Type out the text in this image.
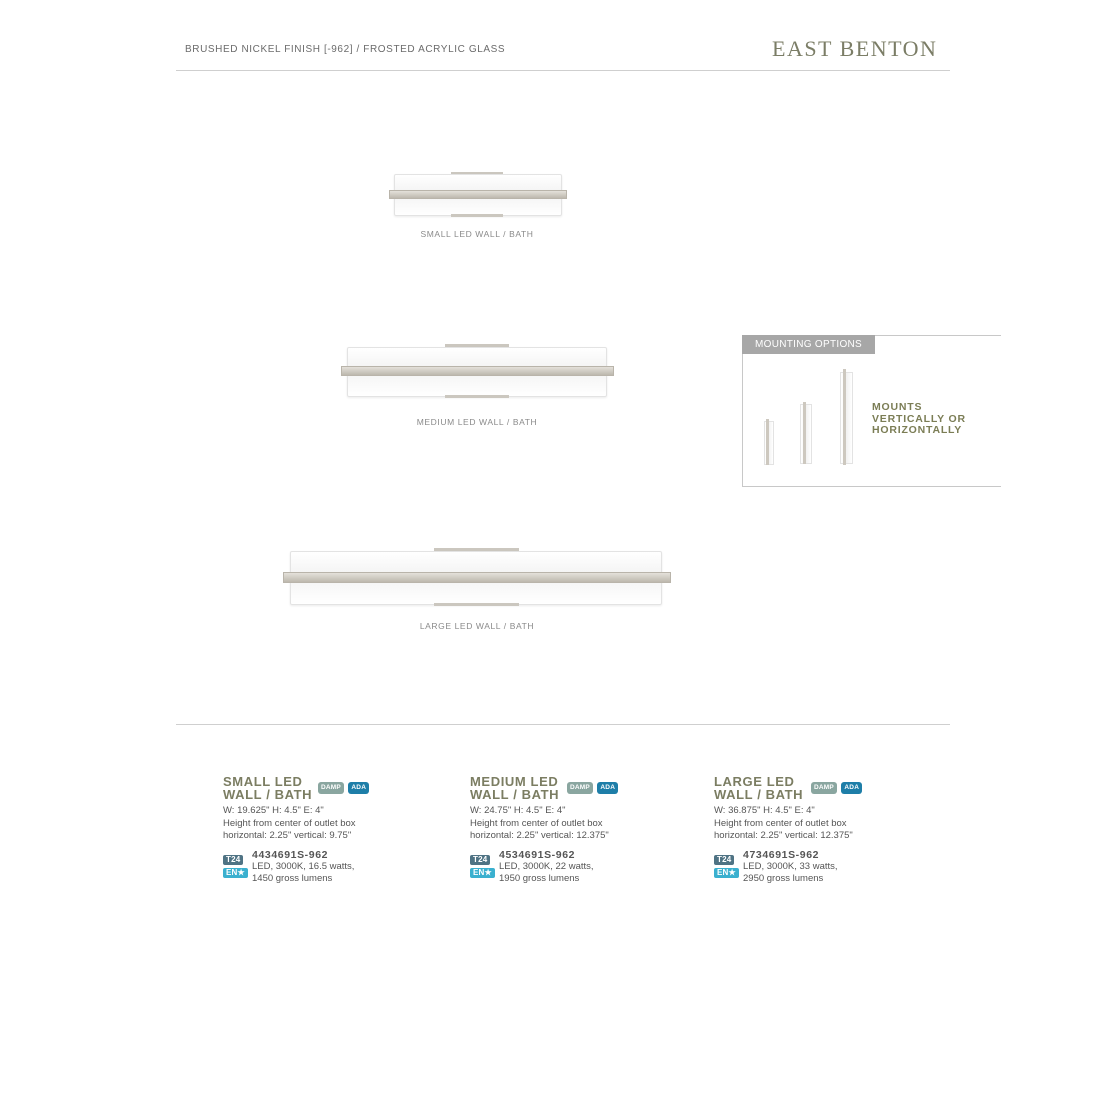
BRUSHED NICKEL FINISH [-962] / FROSTED ACRYLIC GLASS	EAST BENTON
SMALL LED WALL / BATH
MEDIUM LED WALL / BATH
LARGE LED WALL / BATH
MOUNTING OPTIONS
MOUNTS
VERTICALLY OR
HORIZONTALLY
SMALL LED
WALL / BATH	DAMP ADA
W: 19.625" H: 4.5" E: 4"
Height from center of outlet box
horizontal: 2.25" vertical: 9.75"
T24
EN★
4434691S-962
LED, 3000K, 16.5 watts,
1450 gross lumens
MEDIUM LED
WALL / BATH	DAMP ADA
W: 24.75" H: 4.5" E: 4"
Height from center of outlet box
horizontal: 2.25" vertical: 12.375"
T24
EN★
4534691S-962
LED, 3000K, 22 watts,
1950 gross lumens
LARGE LED
WALL / BATH	DAMP ADA
W: 36.875" H: 4.5" E: 4"
Height from center of outlet box
horizontal: 2.25" vertical: 12.375"
T24
EN★
4734691S-962
LED, 3000K, 33 watts,
2950 gross lumens
